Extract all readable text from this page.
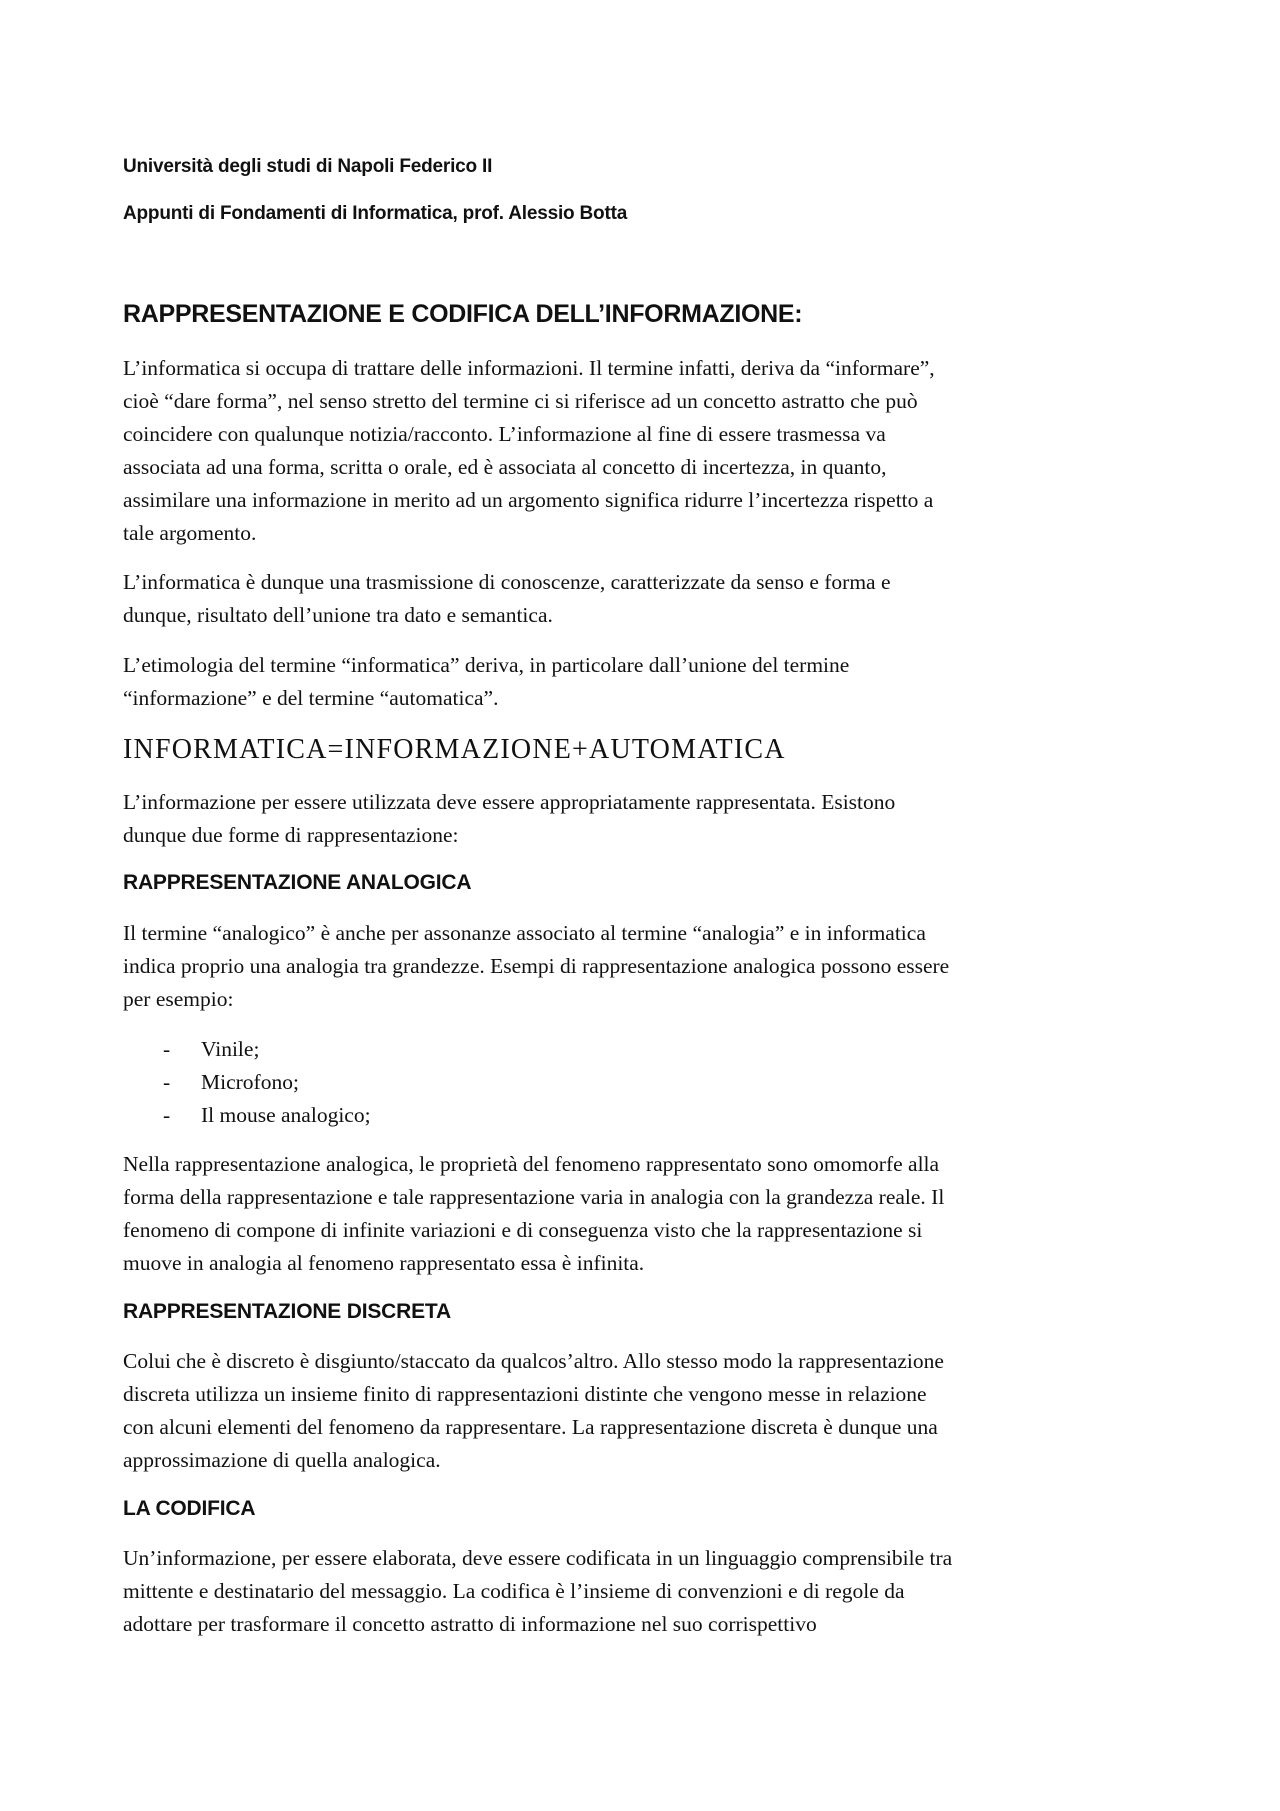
Università degli studi di Napoli Federico II

Appunti di Fondamenti di Informatica, prof. Alessio Botta

RAPPRESENTAZIONE E CODIFICA DELL’INFORMAZIONE:
L’informatica si occupa di trattare delle informazioni. Il termine infatti, deriva da “informare”,
cioè “dare forma”, nel senso stretto del termine ci si riferisce ad un concetto astratto che può
coincidere con qualunque notizia/racconto. L’informazione al fine di essere trasmessa va
associata ad una forma, scritta o orale, ed è associata al concetto di incertezza, in quanto,
assimilare una informazione in merito ad un argomento significa ridurre l’incertezza rispetto a
tale argomento.
L’informatica è dunque una trasmissione di conoscenze, caratterizzate da senso e forma e
dunque, risultato dell’unione tra dato e semantica.
L’etimologia del termine “informatica” deriva, in particolare dall’unione del termine
“informazione” e del termine “automatica”.

INFORMATICA=INFORMAZIONE+AUTOMATICA

L’informazione per essere utilizzata deve essere appropriatamente rappresentata. Esistono
dunque due forme di rappresentazione:
RAPPRESENTAZIONE ANALOGICA
Il termine “analogico” è anche per assonanze associato al termine “analogia” e in informatica
indica proprio una analogia tra grandezze. Esempi di rappresentazione analogica possono essere
per esempio:
- Vinile;
- Microfono;
- Il mouse analogico;
Nella rappresentazione analogica, le proprietà del fenomeno rappresentato sono omomorfe alla
forma della rappresentazione e tale rappresentazione varia in analogia con la grandezza reale. Il
fenomeno di compone di infinite variazioni e di conseguenza visto che la rappresentazione si
muove in analogia al fenomeno rappresentato essa è infinita.
RAPPRESENTAZIONE DISCRETA
Colui che è discreto è disgiunto/staccato da qualcos’altro. Allo stesso modo la rappresentazione
discreta utilizza un insieme finito di rappresentazioni distinte che vengono messe in relazione
con alcuni elementi del fenomeno da rappresentare. La rappresentazione discreta è dunque una
approssimazione di quella analogica.
LA CODIFICA
Un’informazione, per essere elaborata, deve essere codificata in un linguaggio comprensibile tra
mittente e destinatario del messaggio. La codifica è l’insieme di convenzioni e di regole da
adottare per trasformare il concetto astratto di informazione nel suo corrispettivo
